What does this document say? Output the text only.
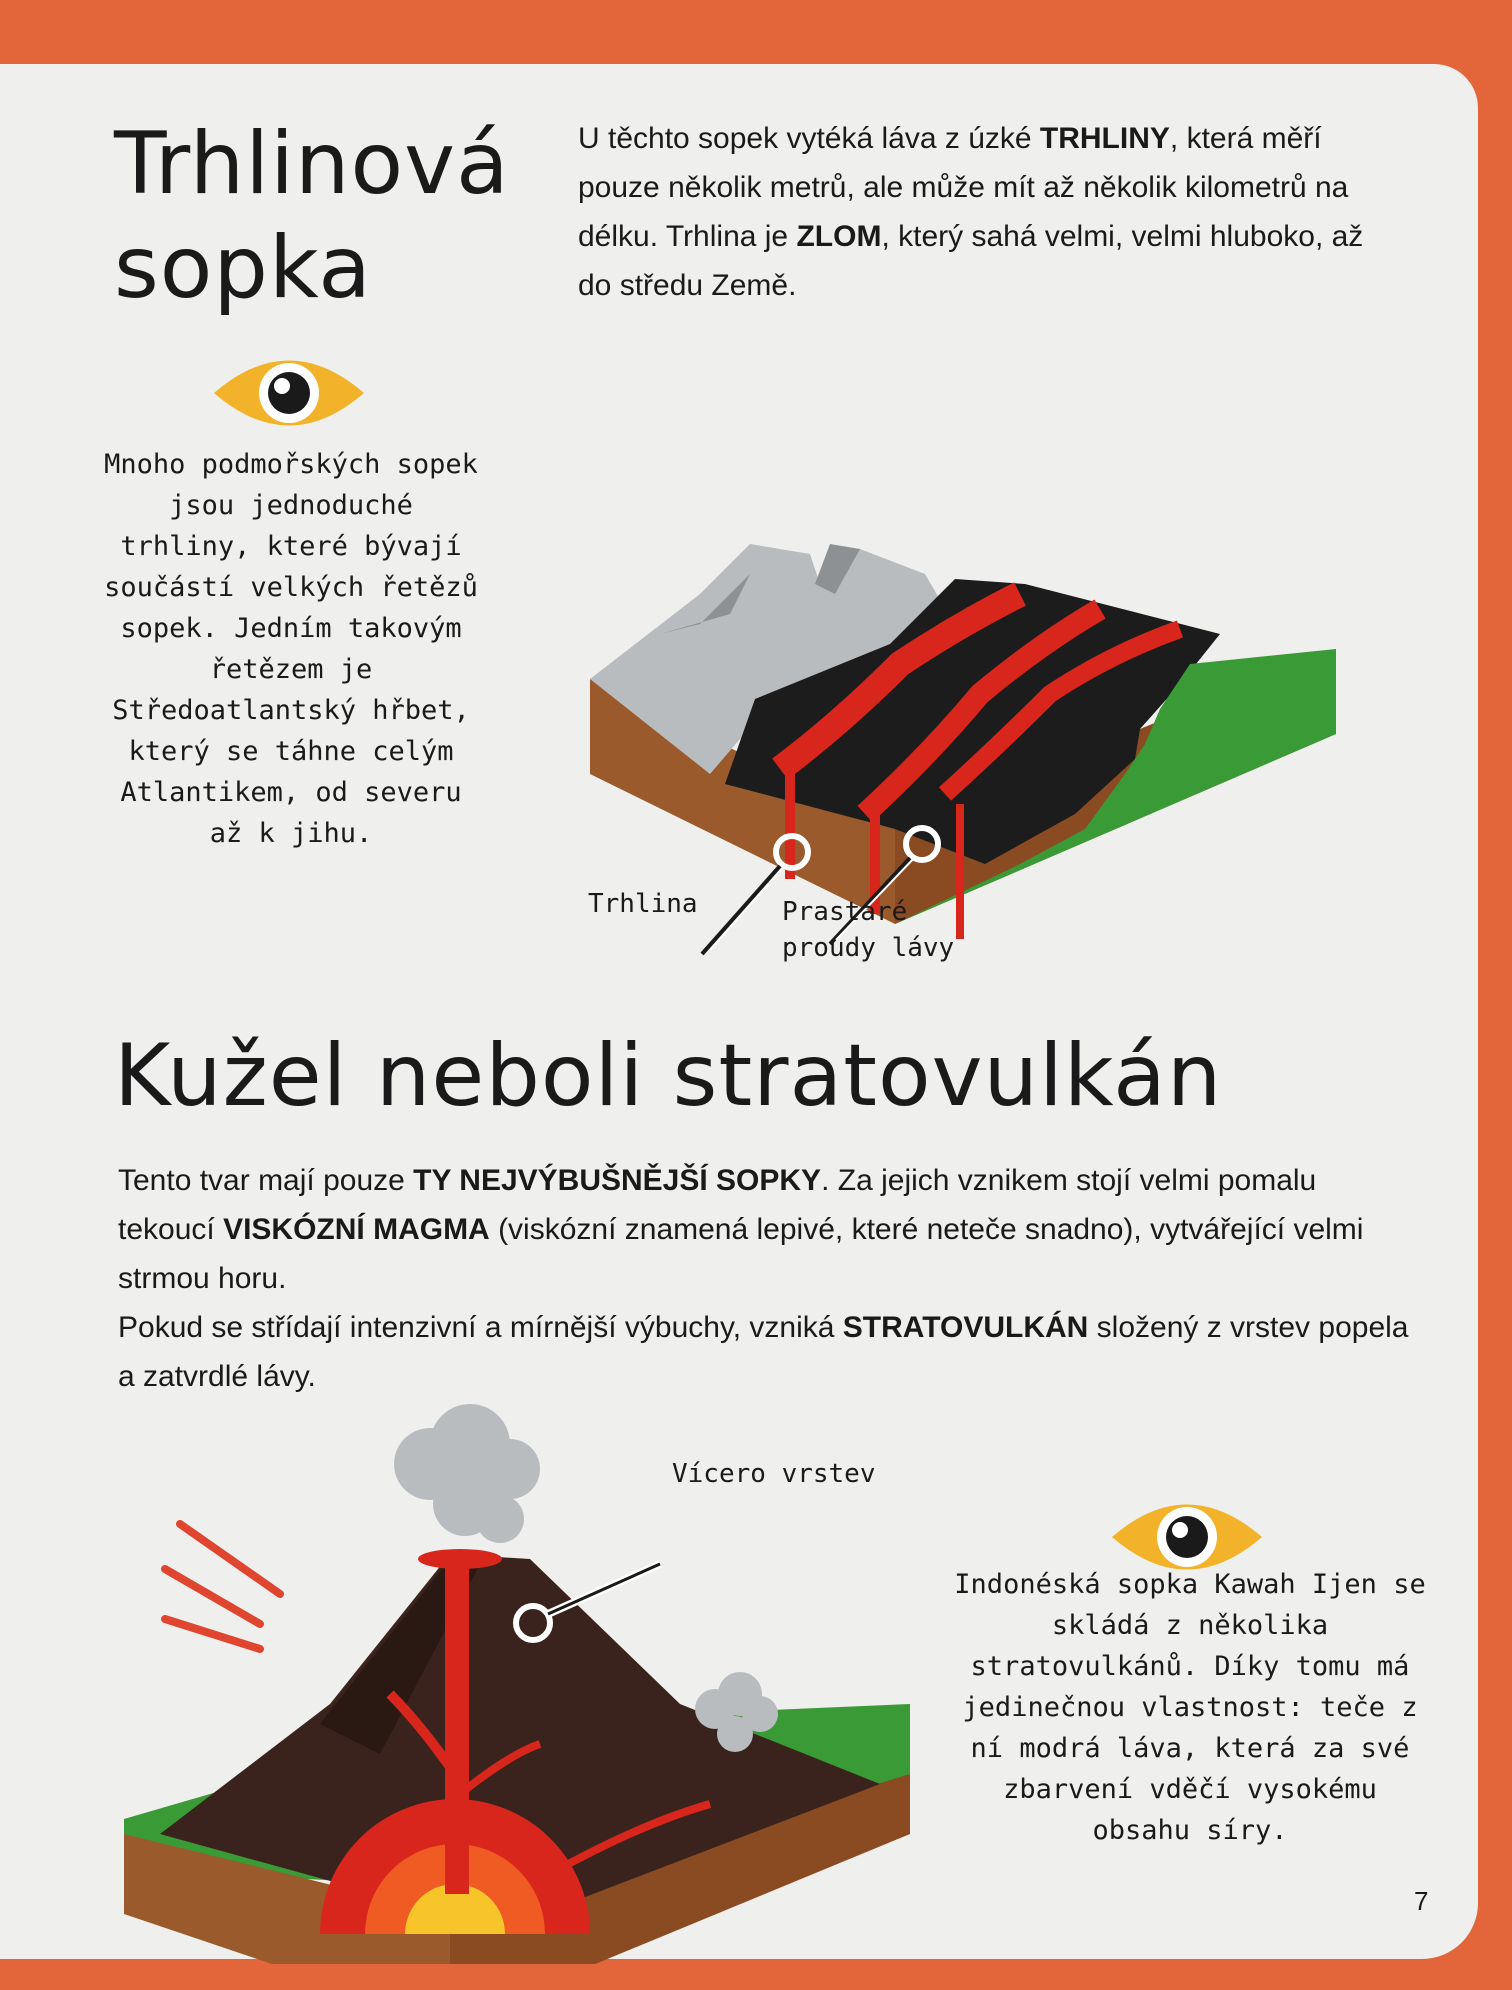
Trhlinová
sopka
U těchto sopek vytéká láva z úzké TRHLINY, která měří pouze několik metrů, ale může mít až několik kilometrů na délku. Trhlina je ZLOM, který sahá velmi, velmi hluboko, až do středu Země.
Mnoho podmořských sopek jsou jednoduché trhliny, které bývají součástí velkých řetězů sopek. Jedním takovým řetězem je Středoatlantský hřbet, který se táhne celým Atlantikem, od severu až k jihu.
Trhlina	Prastaré
proudy lávy
Kužel neboli stratovulkán
Tento tvar mají pouze TY NEJVÝBUŠNĚJŠÍ SOPKY. Za jejich vznikem stojí velmi pomalu tekoucí VISKÓZNÍ MAGMA (viskózní znamená lepivé, které neteče snadno), vytvářející velmi strmou horu.
Pokud se střídají intenzivní a mírnější výbuchy, vzniká STRATOVULKÁN složený z vrstev popela a zatvrdlé lávy.
Vícero vrstev
Indonéská sopka Kawah Ijen se skládá z několika stratovulkánů. Díky tomu má jedinečnou vlastnost: teče z ní modrá láva, která za své zbarvení vděčí vysokému obsahu síry.
7
